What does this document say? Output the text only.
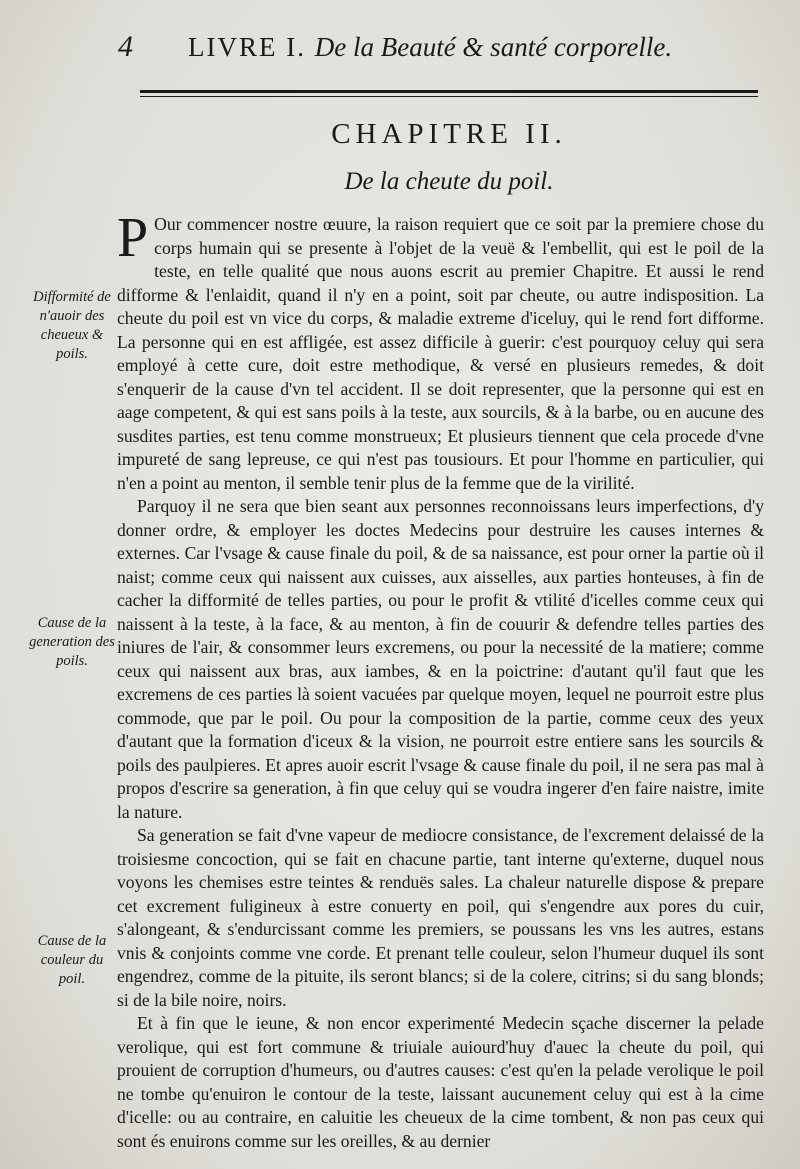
4	LIVRE I. De la Beauté & santé corporelle.
CHAPITRE II.
De la cheute du poil.
Difformité de n'auoir des cheueux & poils.
Cause de la generation des poils.
Cause de la couleur du poil.

P Our commencer nostre œuure, la raison requiert que ce soit par la premiere chose du corps humain qui se presente à l'objet de la veuë & l'embellit, qui est le poil de la teste, en telle qualité que nous auons escrit au premier Chapitre. Et aussi le rend difforme & l'enlaidit, quand il n'y en a point, soit par cheute, ou autre indisposition. La cheute du poil est vn vice du corps, & maladie extreme d'iceluy, qui le rend fort difforme. La personne qui en est affligée, est assez difficile à guerir: c'est pourquoy celuy qui sera employé à cette cure, doit estre methodique, & versé en plusieurs remedes, & doit s'enquerir de la cause d'vn tel accident. Il se doit representer, que la personne qui est en aage competent, & qui est sans poils à la teste, aux sourcils, & à la barbe, ou en aucune des susdites parties, est tenu comme monstrueux; Et plusieurs tiennent que cela procede d'vne impureté de sang lepreuse, ce qui n'est pas tousiours. Et pour l'homme en particulier, qui n'en a point au menton, il semble tenir plus de la femme que de la virilité.

Parquoy il ne sera que bien seant aux personnes reconnoissans leurs imperfections, d'y donner ordre, & employer les doctes Medecins pour destruire les causes internes & externes. Car l'vsage & cause finale du poil, & de sa naissance, est pour orner la partie où il naist; comme ceux qui naissent aux cuisses, aux aisselles, aux parties honteuses, à fin de cacher la difformité de telles parties, ou pour le profit & vtilité d'icelles comme ceux qui naissent à la teste, à la face, & au menton, à fin de couurir & defendre telles parties des iniures de l'air, & consommer leurs excremens, ou pour la necessité de la matiere; comme ceux qui naissent aux bras, aux iambes, & en la poictrine: d'autant qu'il faut que les excremens de ces parties là soient vacuées par quelque moyen, lequel ne pourroit estre plus commode, que par le poil. Ou pour la composition de la partie, comme ceux des yeux d'autant que la formation d'iceux & la vision, ne pourroit estre entiere sans les sourcils & poils des paulpieres. Et apres auoir escrit l'vsage & cause finale du poil, il ne sera pas mal à propos d'escrire sa generation, à fin que celuy qui se voudra ingerer d'en faire naistre, imite la nature.

Sa generation se fait d'vne vapeur de mediocre consistance, de l'excrement delaissé de la troisiesme concoction, qui se fait en chacune partie, tant interne qu'externe, duquel nous voyons les chemises estre teintes & renduës sales. La chaleur naturelle dispose & prepare cet excrement fuligineux à estre conuerty en poil, qui s'engendre aux pores du cuir, s'alongeant, & s'endurcissant comme les premiers, se poussans les vns les autres, estans vnis & conjoints comme vne corde. Et prenant telle couleur, selon l'humeur duquel ils sont engendrez, comme de la pituite, ils seront blancs; si de la colere, citrins; si du sang blonds; si de la bile noire, noirs.

Et à fin que le ieune, & non encor experimenté Medecin sçache discerner la pelade verolique, qui est fort commune & triuiale auiourd'huy d'auec la cheute du poil, qui prouient de corruption d'humeurs, ou d'autres causes: c'est qu'en la pelade verolique le poil ne tombe qu'enuiron le contour de la teste, laissant aucunement celuy qui est à la cime d'icelle: ou au contraire, en caluitie les cheueux de la cime tombent, & non pas ceux qui sont és enuirons comme sur les oreilles, & au dernier
